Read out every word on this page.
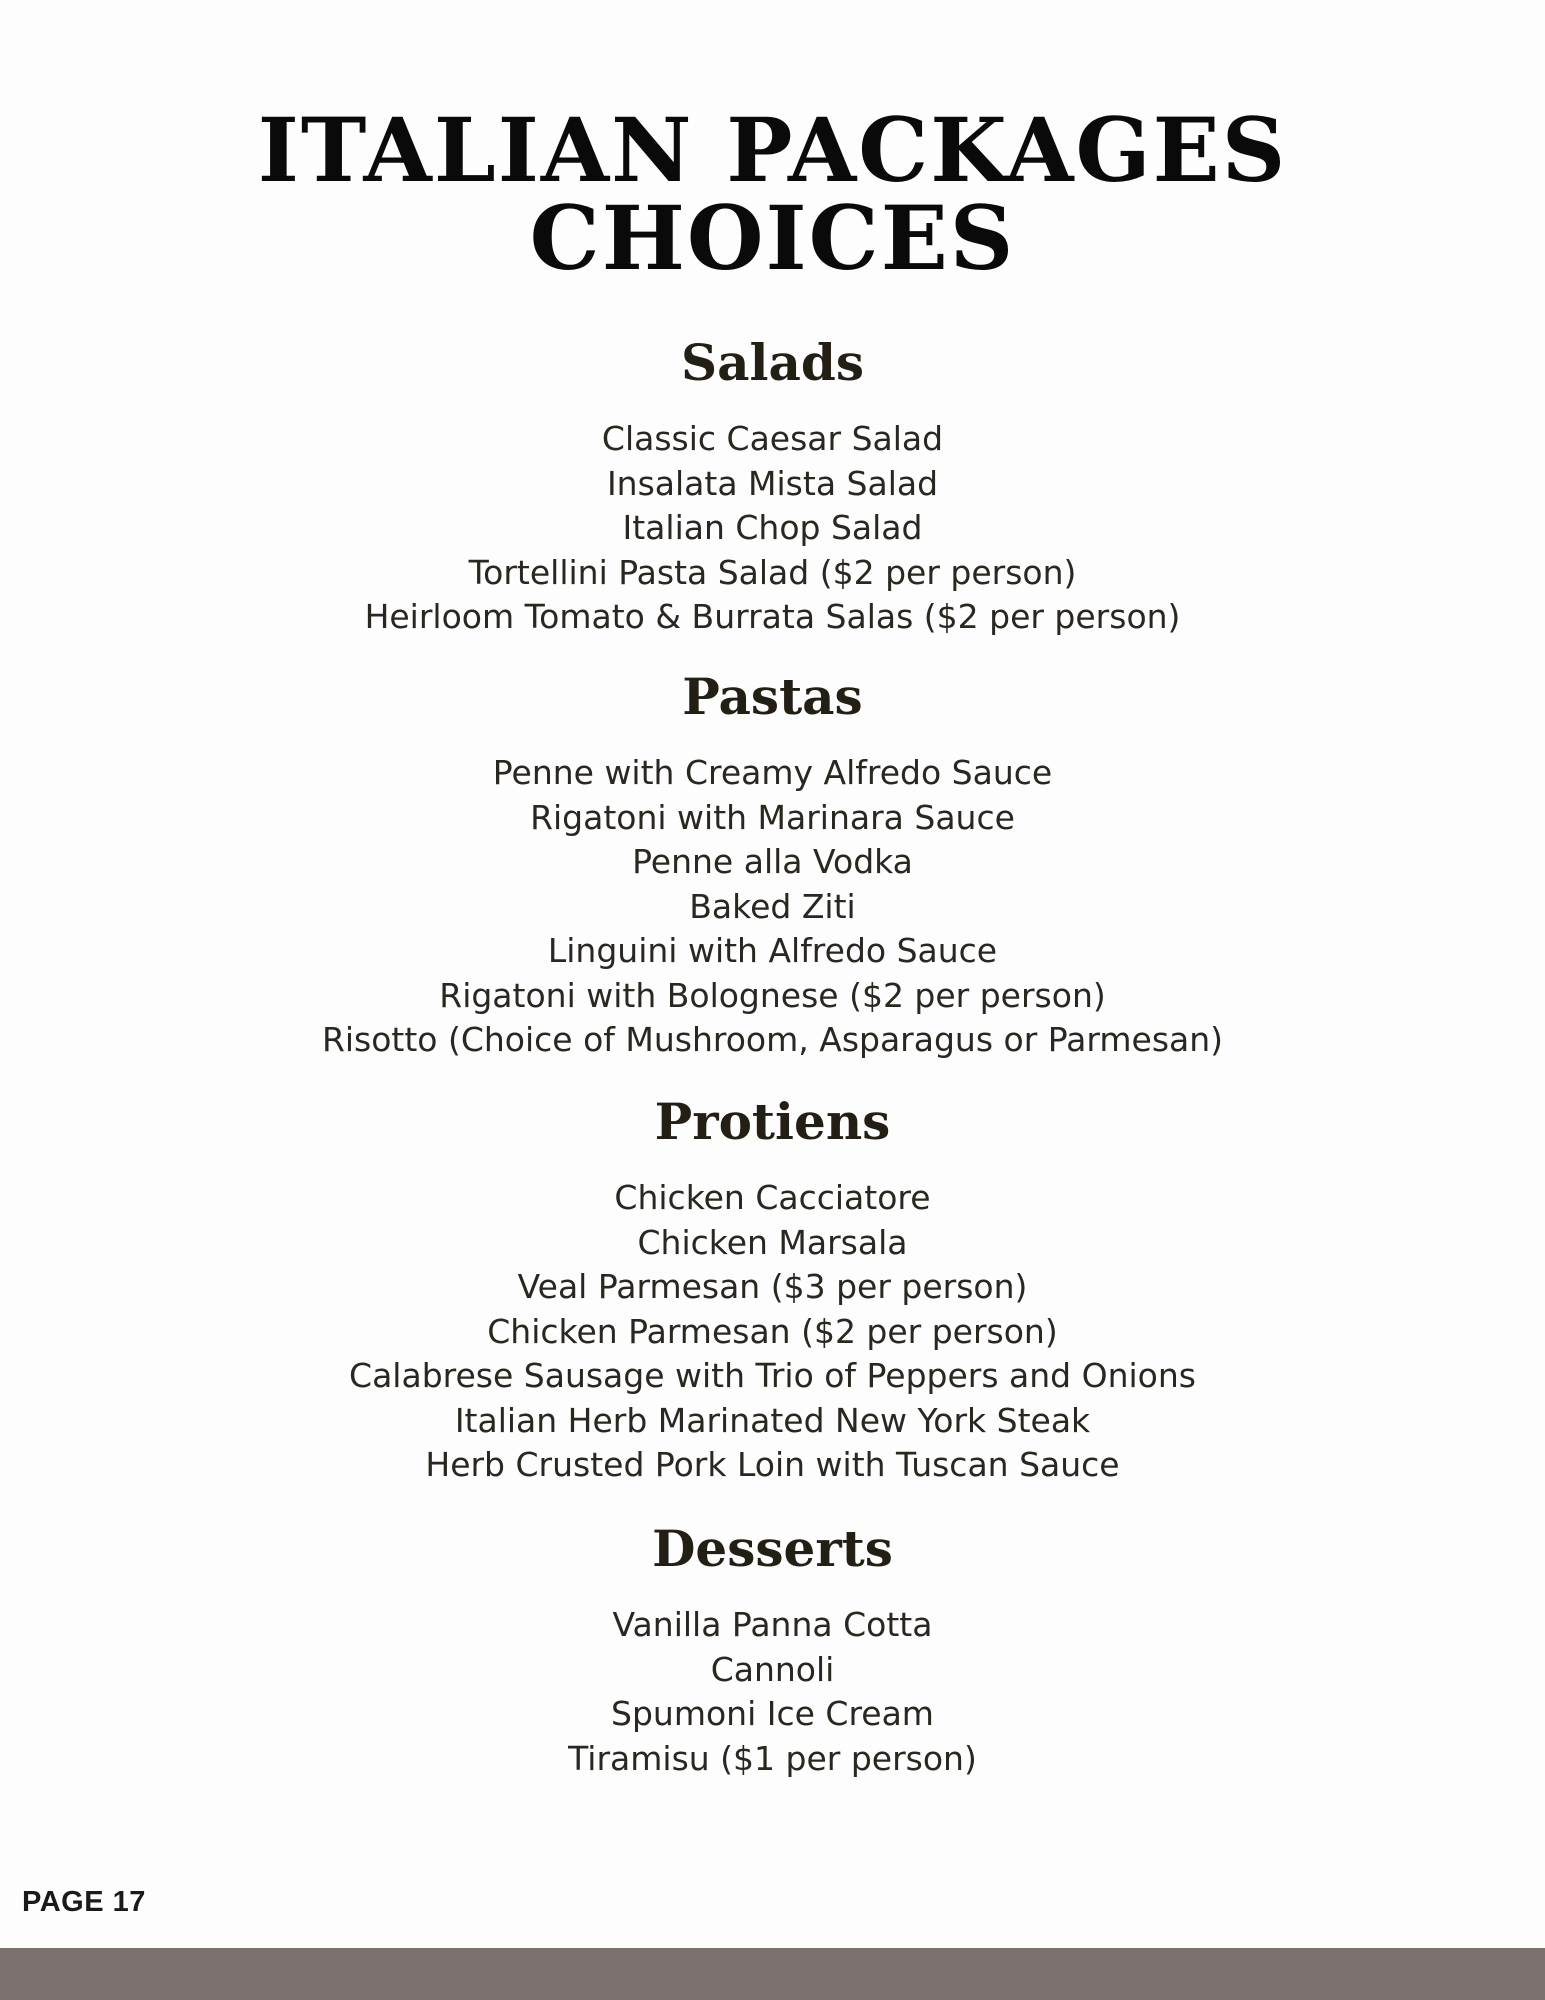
ITALIAN PACKAGES
CHOICES
Salads
Classic Caesar Salad
Insalata Mista Salad
Italian Chop Salad
Tortellini Pasta Salad ($2 per person)
Heirloom Tomato & Burrata Salas ($2 per person)
Pastas
Penne with Creamy Alfredo Sauce
Rigatoni with Marinara Sauce
Penne alla Vodka
Baked Ziti
Linguini with Alfredo Sauce
Rigatoni with Bolognese ($2 per person)
Risotto (Choice of Mushroom, Asparagus or Parmesan)
Protiens
Chicken Cacciatore
Chicken Marsala
Veal Parmesan ($3 per person)
Chicken Parmesan ($2 per person)
Calabrese Sausage with Trio of Peppers and Onions
Italian Herb Marinated New York Steak
Herb Crusted Pork Loin with Tuscan Sauce
Desserts
Vanilla Panna Cotta
Cannoli
Spumoni Ice Cream
Tiramisu ($1 per person)
PAGE 17
